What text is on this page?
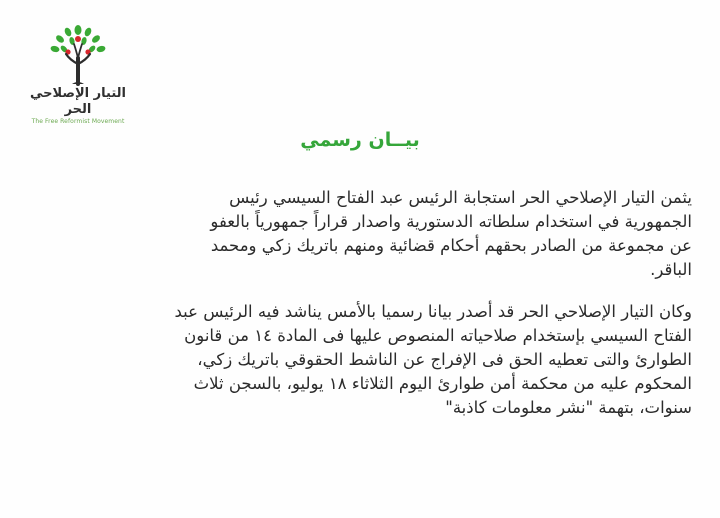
التيار الإصلاحي الحر
The Free Reformist Movement
بيــان رسمي
يثمن التيار الإصلاحي الحر استجابة الرئيس عبد الفتاح السيسي رئيس
الجمهورية في استخدام سلطاته الدستورية واصدار قراراً جمهورياً بالعفو
عن مجموعة من الصادر بحقهم أحكام قضائية ومنهم باتريك زكي ومحمد
الباقر.
وكان التيار الإصلاحي الحر قد أصدر بيانا رسميا بالأمس يناشد فيه الرئيس عبد
الفتاح السيسي بإستخدام صلاحياته المنصوص عليها فى المادة ١٤ من قانون
الطوارئ والتى تعطيه الحق فى الإفراج عن الناشط الحقوقي باتريك زكي،
المحكوم عليه من محكمة أمن طوارئ اليوم الثلاثاء ١٨ يوليو، بالسجن ثلاث
سنوات، بتهمة "نشر معلومات كاذبة"
